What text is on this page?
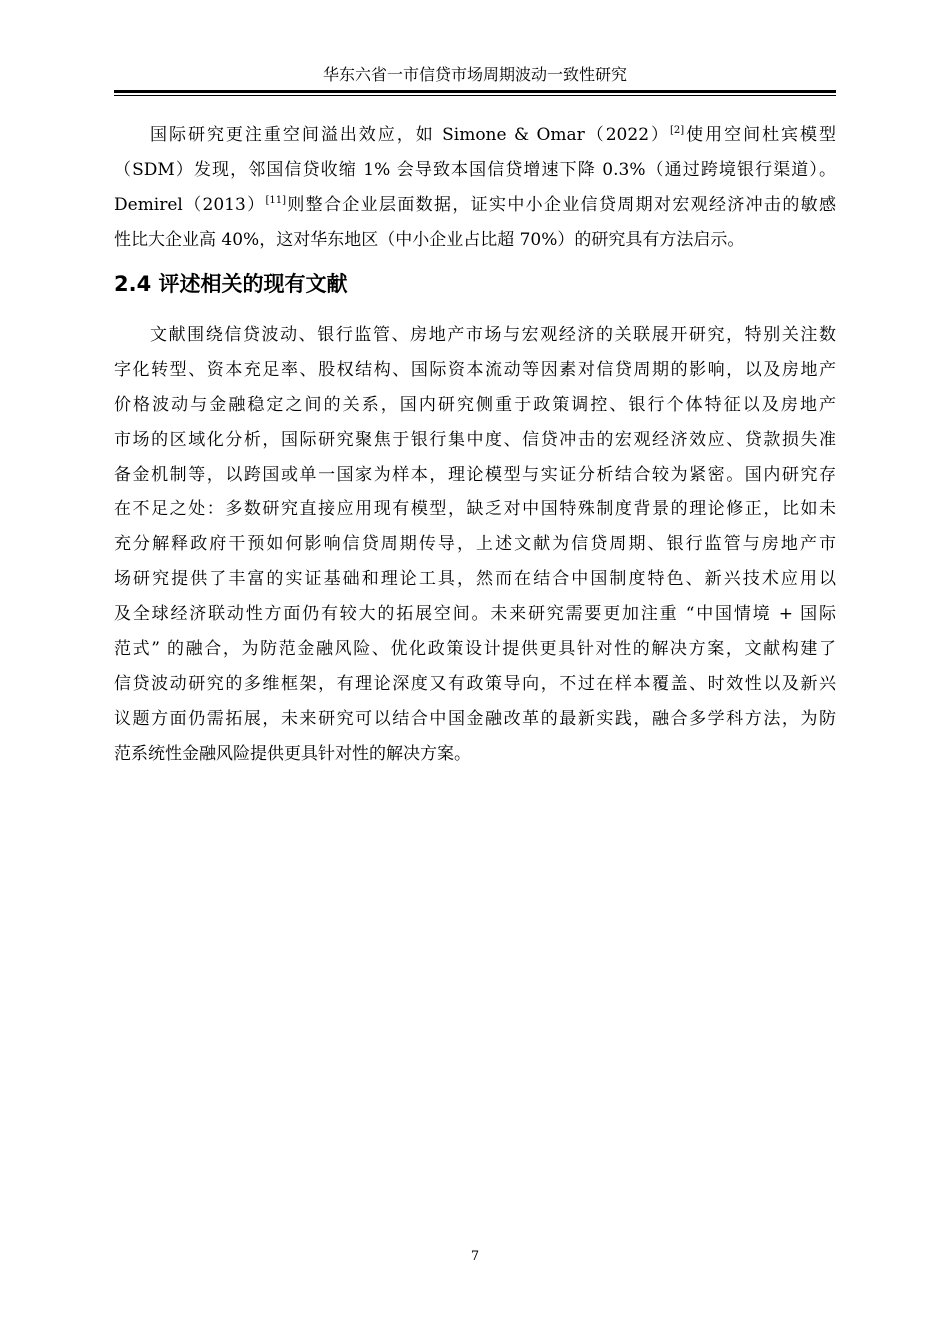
华东六省一市信贷市场周期波动一致性研究
国际研究更注重空间溢出效应，如 Simone & Omar（2022）[2]使用空间杜宾模型
（SDM）发现，邻国信贷收缩 1% 会导致本国信贷增速下降 0.3%（通过跨境银行渠道）。
Demirel（2013）[11]则整合企业层面数据，证实中小企业信贷周期对宏观经济冲击的敏感
性比大企业高 40%，这对华东地区（中小企业占比超 70%）的研究具有方法启示。
2.4 评述相关的现有文献
文献围绕信贷波动、银行监管、房地产市场与宏观经济的关联展开研究，特别关注数
字化转型、资本充足率、股权结构、国际资本流动等因素对信贷周期的影响，以及房地产
价格波动与金融稳定之间的关系，国内研究侧重于政策调控、银行个体特征以及房地产
市场的区域化分析，国际研究聚焦于银行集中度、信贷冲击的宏观经济效应、贷款损失准
备金机制等，以跨国或单一国家为样本，理论模型与实证分析结合较为紧密。国内研究存
在不足之处：多数研究直接应用现有模型，缺乏对中国特殊制度背景的理论修正，比如未
充分解释政府干预如何影响信贷周期传导，上述文献为信贷周期、银行监管与房地产市
场研究提供了丰富的实证基础和理论工具，然而在结合中国制度特色、新兴技术应用以
及全球经济联动性方面仍有较大的拓展空间。未来研究需要更加注重 “中国情境 + 国际
范式” 的融合，为防范金融风险、优化政策设计提供更具针对性的解决方案，文献构建了
信贷波动研究的多维框架，有理论深度又有政策导向，不过在样本覆盖、时效性以及新兴
议题方面仍需拓展，未来研究可以结合中国金融改革的最新实践，融合多学科方法，为防
范系统性金融风险提供更具针对性的解决方案。
7
